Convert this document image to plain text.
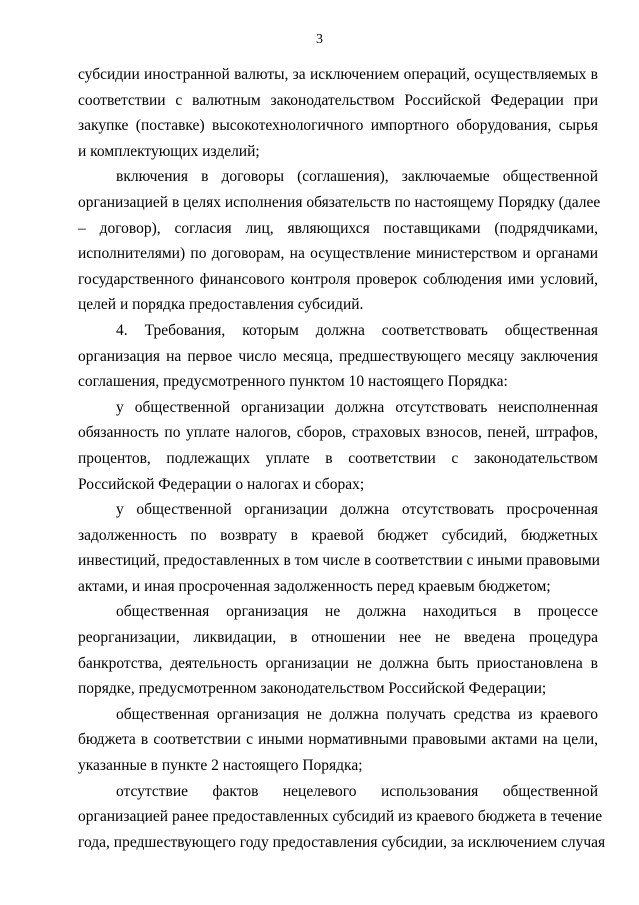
3
субсидии иностранной валюты, за исключением операций, осуществляемых в
соответствии с валютным законодательством Российской Федерации при
закупке (поставке) высокотехнологичного импортного оборудования, сырья
и комплектующих изделий;
включения в договоры (соглашения), заключаемые общественной
организацией в целях исполнения обязательств по настоящему Порядку (далее
– договор), согласия лиц, являющихся поставщиками (подрядчиками,
исполнителями) по договорам, на осуществление министерством и органами
государственного финансового контроля проверок соблюдения ими условий,
целей и порядка предоставления субсидий.
4. Требования, которым должна соответствовать общественная
организация на первое число месяца, предшествующего месяцу заключения
соглашения, предусмотренного пунктом 10 настоящего Порядка:
у общественной организации должна отсутствовать неисполненная
обязанность по уплате налогов, сборов, страховых взносов, пеней, штрафов,
процентов, подлежащих уплате в соответствии с законодательством
Российской Федерации о налогах и сборах;
у общественной организации должна отсутствовать просроченная
задолженность по возврату в краевой бюджет субсидий, бюджетных
инвестиций, предоставленных в том числе в соответствии с иными правовыми
актами, и иная просроченная задолженность перед краевым бюджетом;
общественная организация не должна находиться в процессе
реорганизации, ликвидации, в отношении нее не введена процедура
банкротства, деятельность организации не должна быть приостановлена в
порядке, предусмотренном законодательством Российской Федерации;
общественная организация не должна получать средства из краевого
бюджета в соответствии с иными нормативными правовыми актами на цели,
указанные в пункте 2 настоящего Порядка;
отсутствие фактов нецелевого использования общественной
организацией ранее предоставленных субсидий из краевого бюджета в течение
года, предшествующего году предоставления субсидии, за исключением случая
